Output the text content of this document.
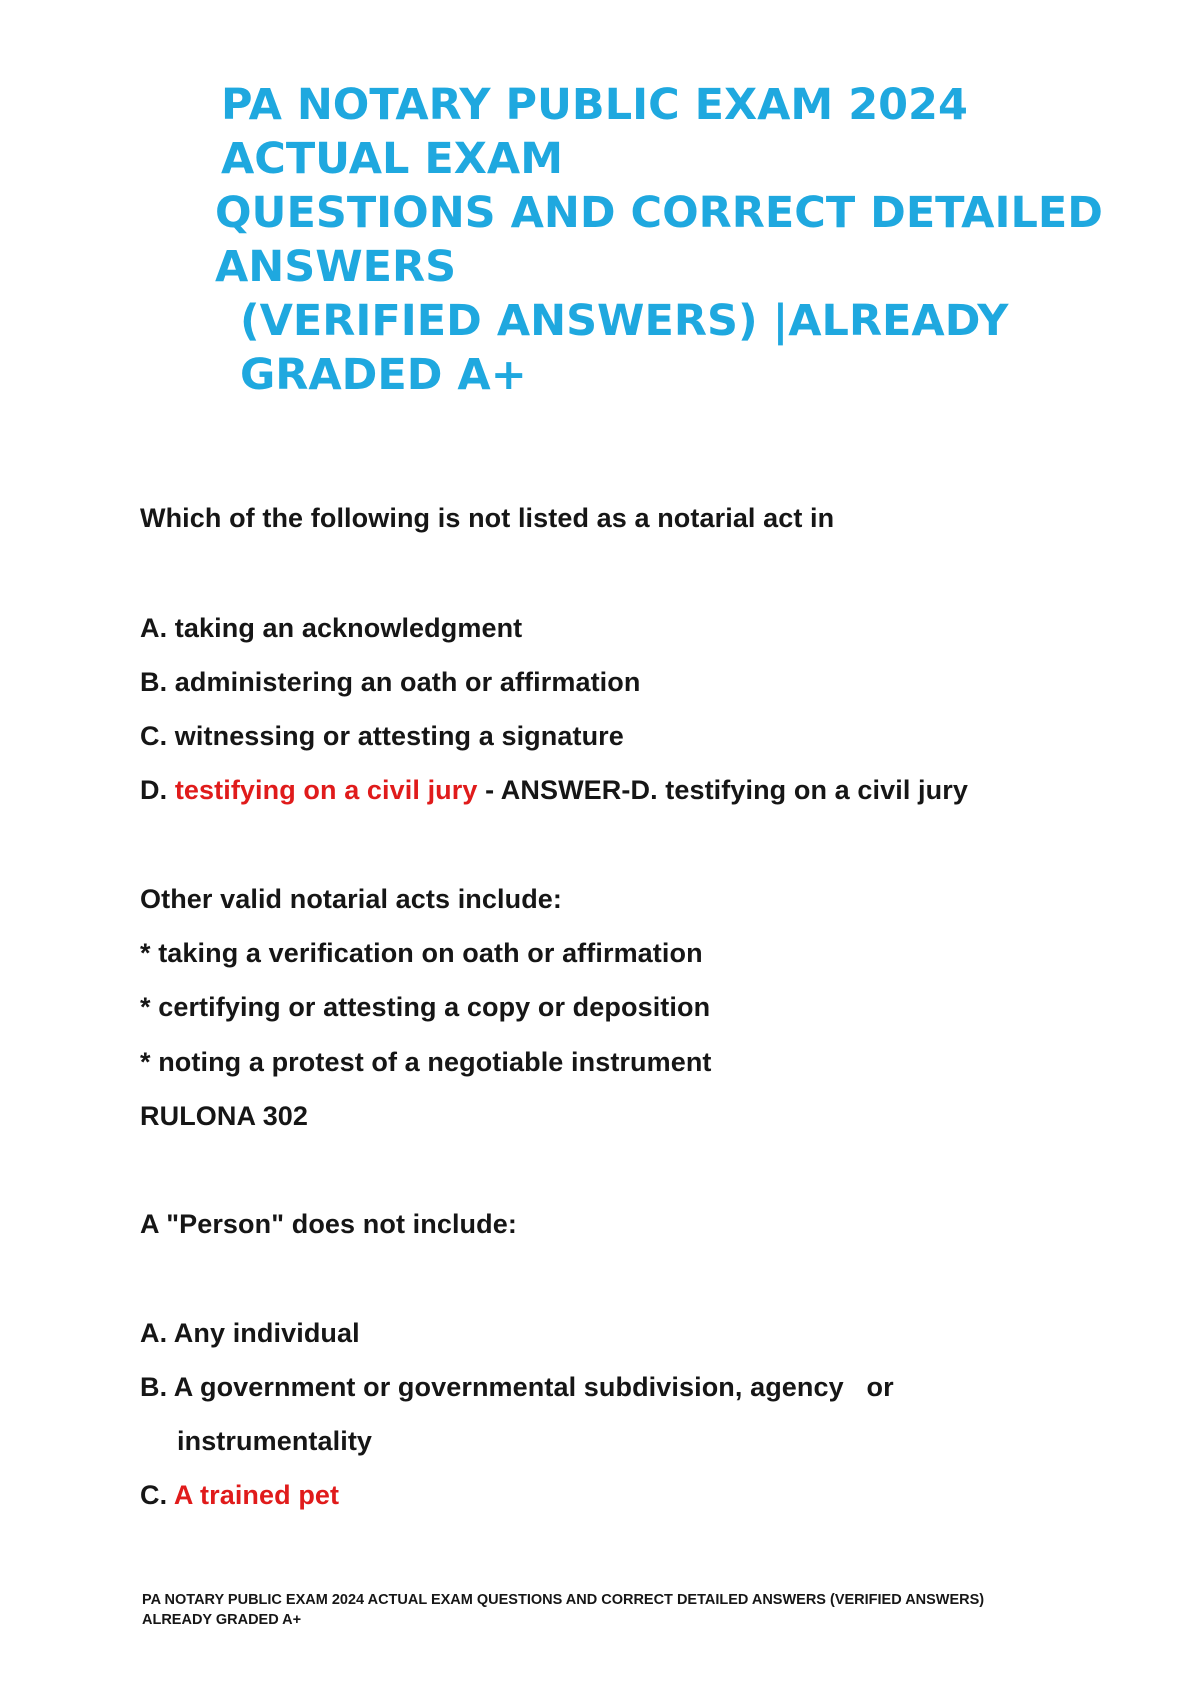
PA NOTARY PUBLIC EXAM 2024
ACTUAL EXAM
QUESTIONS AND CORRECT DETAILED
ANSWERS
(VERIFIED ANSWERS) |ALREADY
GRADED A+
Which of the following is not listed as a notarial act in
A. taking an acknowledgment
B. administering an oath or affirmation
C. witnessing or attesting a signature
D. testifying on a civil jury - ANSWER-D. testifying on a civil jury
Other valid notarial acts include:
* taking a verification on oath or affirmation
* certifying or attesting a copy or deposition
* noting a protest of a negotiable instrument
RULONA 302
A "Person" does not include:
A. Any individual
B. A government or governmental subdivision, agency   or
instrumentality
C. A trained pet
PA NOTARY PUBLIC EXAM 2024 ACTUAL EXAM QUESTIONS AND CORRECT DETAILED ANSWERS (VERIFIED ANSWERS)
ALREADY GRADED A+
